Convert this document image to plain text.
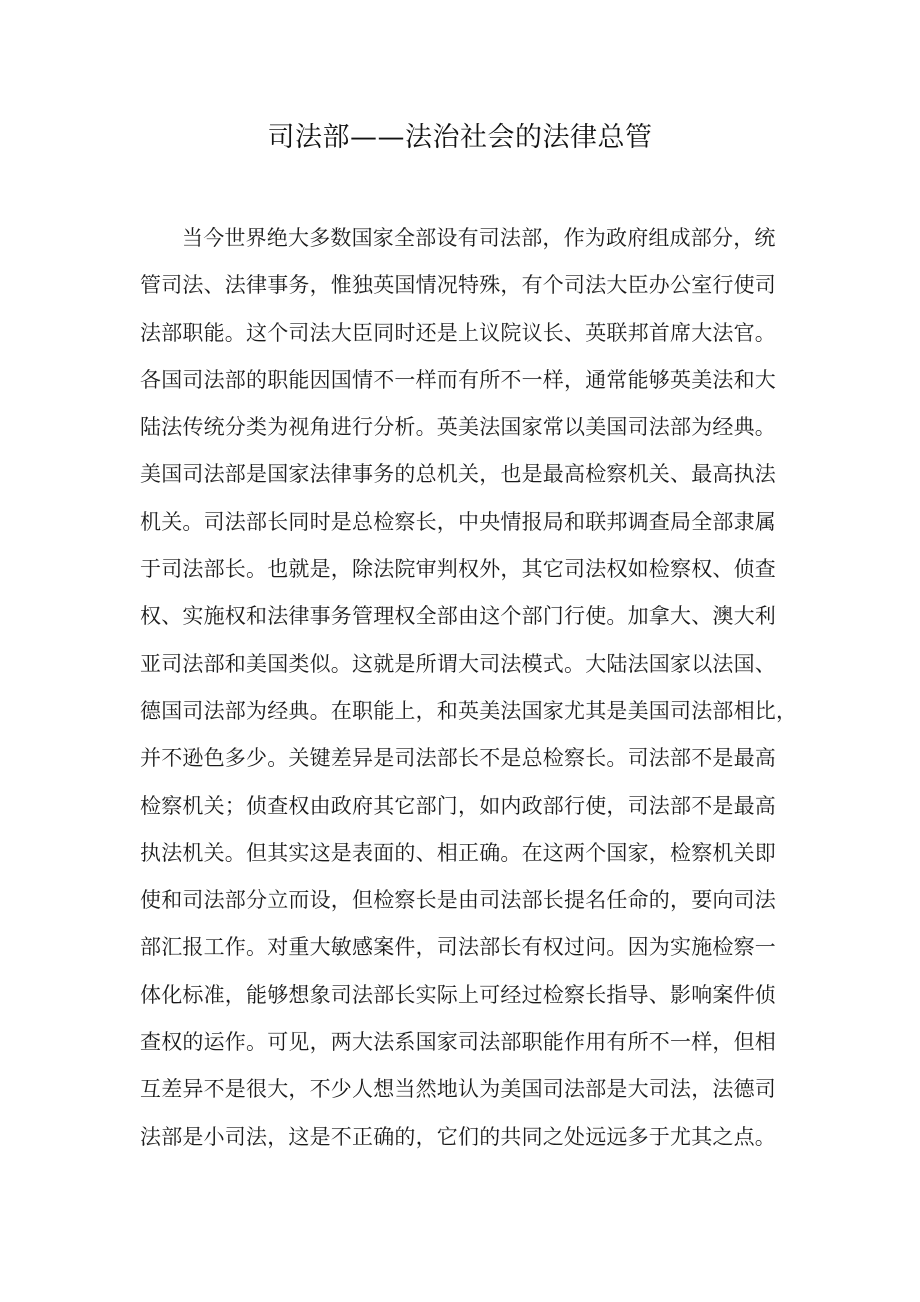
司法部——法治社会的法律总管
当今世界绝大多数国家全部设有司法部，作为政府组成部分，统
管司法、法律事务，惟独英国情况特殊，有个司法大臣办公室行使司
法部职能。这个司法大臣同时还是上议院议长、英联邦首席大法官。
各国司法部的职能因国情不一样而有所不一样，通常能够英美法和大
陆法传统分类为视角进行分析。英美法国家常以美国司法部为经典。
美国司法部是国家法律事务的总机关，也是最高检察机关、最高执法
机关。司法部长同时是总检察长，中央情报局和联邦调查局全部隶属
于司法部长。也就是，除法院审判权外，其它司法权如检察权、侦查
权、实施权和法律事务管理权全部由这个部门行使。加拿大、澳大利
亚司法部和美国类似。这就是所谓大司法模式。大陆法国家以法国、
德国司法部为经典。在职能上，和英美法国家尤其是美国司法部相比，
并不逊色多少。关键差异是司法部长不是总检察长。司法部不是最高
检察机关；侦查权由政府其它部门，如内政部行使，司法部不是最高
执法机关。但其实这是表面的、相正确。在这两个国家，检察机关即
使和司法部分立而设，但检察长是由司法部长提名任命的，要向司法
部汇报工作。对重大敏感案件，司法部长有权过问。因为实施检察一
体化标准，能够想象司法部长实际上可经过检察长指导、影响案件侦
查权的运作。可见，两大法系国家司法部职能作用有所不一样，但相
互差异不是很大，不少人想当然地认为美国司法部是大司法，法德司
法部是小司法，这是不正确的，它们的共同之处远远多于尤其之点。
